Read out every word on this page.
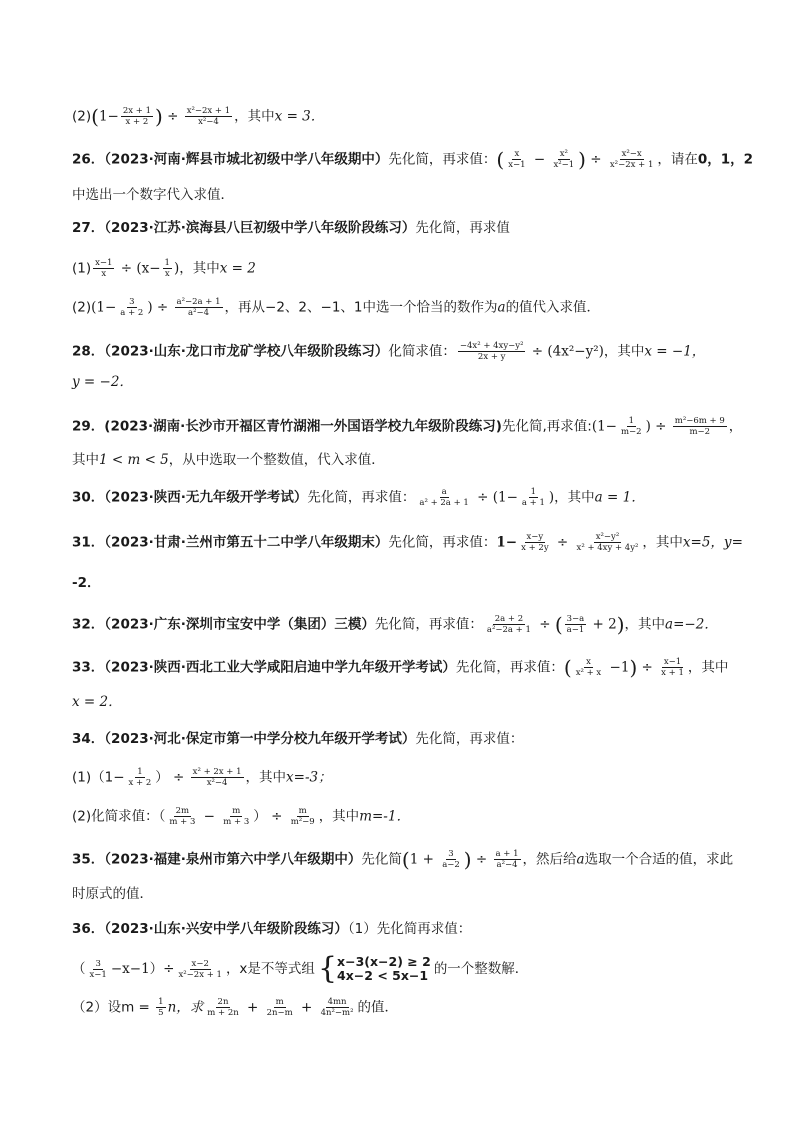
$(2)(1- \frac{2x + 1}{x + 2}$ ) ÷ $\frac{\text{x²−2x + 1}}{\text{x²−4}}$ ，其中x = 3．
26．（2023·河南·辉县市城北初级中学八年级期中）先化简，再求值：( $\frac{x}{x-1} - \frac{\text{x²}}{\text{x²−1}}$ ) ÷ $\frac{\text{x²−x}}{\text{x²−2x + 1}}$ ，请在0，1，2
中选出一个数字代入求值．
27．（2023·江苏·滨海县八巨初级中学八年级阶段练习）先化简，再求值
$(1) \frac{x-1}{x} \div (x- \frac{1}{x}$ )，其中x = 2
$(2)(1- \frac{3}{a + 2}$ ) ÷ $\frac{\text{a²−2a + 1}}{\text{a²−4}}$ ，再从−2、2、−1、1中选一个恰当的数作为a的值代入求值．
28．（2023·山东·龙口市龙矿学校八年级阶段练习）化简求值： $\frac{\text{−4x² + 4xy−y²}}{2x + y} \div (4x^2-y^2)$，其中x = −1，
y = −2．
29．(2023·湖南·长沙市开福区青竹湖湘一外国语学校九年级阶段练习)先化简,再求值:(1− $\frac{1}{m-2}$ ) ÷ $\frac{\text{m²−6m + 9}}{m-2}$ ，
其中1 < m < 5，从中选取一个整数值，代入求值．
30．（2023·陕西·无九年级开学考试）先化简，再求值： $\frac{a}{\text{a² + 2a + 1}} \div (1- \frac{1}{a + 1}$ )，其中a = 1．
31．（2023·甘肃·兰州市第五十二中学八年级期末）先化简，再求值：$1- \frac{x-y}{x + 2y} \div \frac{\text{x²−y²}}{\text{x² + 4xy + 4y²}}$ ，其中x=5，y=
-2．
32．（2023·广东·深圳市宝安中学（集团）三模）先化简，再求值： $\frac{2a + 2}{\text{a²−2a + 1}}$ ÷ ( $\frac{3-a}{a-1} + 2$)，其中a=−2．
33．（2023·陕西·西北工业大学咸阳启迪中学九年级开学考试）先化简，再求值：( $\frac{x}{\text{x² + x}} -1) \div \frac{x-1}{x + 1}$ ，其中
x = 2．
34．（2023·河北·保定市第一中学分校九年级开学考试）先化简，再求值：
$(1)(1- \frac{1}{x + 2}$ ） ÷ $\frac{\text{x² + 2x + 1}}{\text{x²−4}}$ ，其中x=-3；
(2)化简求值：（ $\frac{2m}{m + 3} - \frac{m}{m + 3}$ ） ÷ $\frac{m}{\text{m²−9}}$ ，其中m=-1．
35．（2023·福建·泉州市第六中学八年级期中）先化简($1 + \frac{3}{a-2}$ ) ÷ $\frac{a + 1}{\text{a²−4}}$ ，然后给a选取一个合适的值，求此
时原式的值．
36．（2023·山东·兴安中学八年级阶段练习）（1）先化简再求值：
（ $\frac{3}{x-1} -x-1)\div \frac{x-2}{\text{x²−2x + 1}}$ ，x是不等式组 { x−3(x−2) ≥ 2
4x−2 < 5x−1 的一个整数解．
（2）设$m = \frac{1}{5}$ n，求 $\frac{2n}{m + 2n} + \frac{m}{2n-m} + \frac{4mn}{\text{4n²−m²}}$ 的值．
